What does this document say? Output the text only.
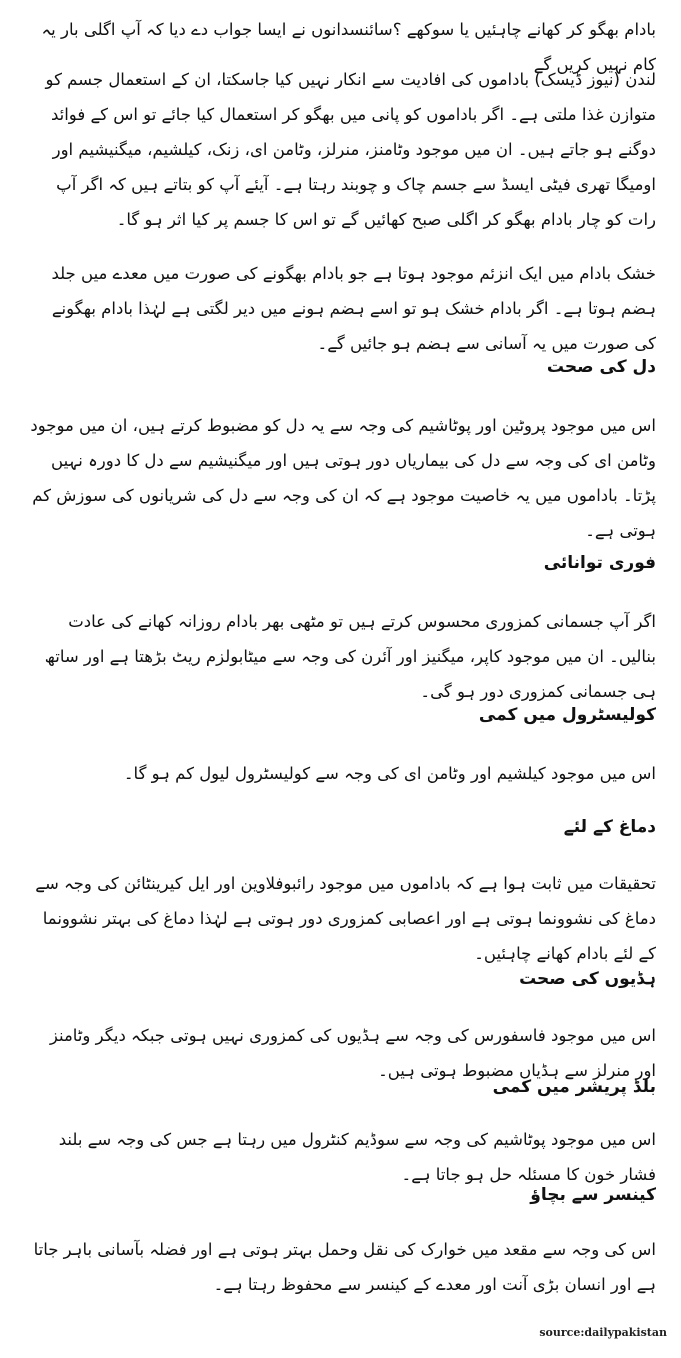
بادام بھگو کر کھانے چاہئیں یا سوکھے ؟سائنسدانوں نے ایسا جواب دے دیا کہ آپ اگلی بار یہ کام نہیں کریں گے
لندن (نیوز ڈیسک) باداموں کی افادیت سے انکار نہیں کیا جاسکتا، ان کے استعمال جسم کو متوازن غذا ملتی ہے۔ اگر باداموں کو پانی میں بھگو کر استعمال کیا جائے تو اس کے فوائد دوگنے ہو جاتے ہیں۔ ان میں موجود وٹامنز، منرلز، وٹامن ای، زنک، کیلشیم، میگنیشیم اور اومیگا تھری فیٹی ایسڈ سے جسم چاک و چوبند رہتا ہے۔ آیئے آپ کو بتاتے ہیں کہ اگر آپ رات کو چار بادام بھگو کر اگلی صبح کھائیں گے تو اس کا جسم پر کیا اثر ہو گا۔
خشک بادام میں ایک انزئم موجود ہوتا ہے جو بادام بھگونے کی صورت میں معدے میں جلد ہضم ہوتا ہے۔ اگر بادام خشک ہو تو اسے ہضم ہونے میں دیر لگتی ہے لہٰذا بادام بھگونے کی صورت میں یہ آسانی سے ہضم ہو جائیں گے۔
دل کی صحت
اس میں موجود پروٹین اور پوٹاشیم کی وجہ سے یہ دل کو مضبوط کرتے ہیں، ان میں موجود وٹامن ای کی وجہ سے دل کی بیماریاں دور ہوتی ہیں اور میگنیشیم سے دل کا دورہ نہیں پڑتا۔ باداموں میں یہ خاصیت موجود ہے کہ ان کی وجہ سے دل کی شریانوں کی سوزش کم ہوتی ہے۔
فوری توانائی
اگر آپ جسمانی کمزوری محسوس کرتے ہیں تو مٹھی بھر بادام روزانہ کھانے کی عادت بنالیں۔ ان میں موجود کاپر، میگنیز اور آئرن کی وجہ سے میٹابولزم ریٹ بڑھتا ہے اور ساتھ ہی جسمانی کمزوری دور ہو گی۔
کولیسٹرول میں کمی
اس میں موجود کیلشیم اور وٹامن ای کی وجہ سے کولیسٹرول لیول کم ہو گا۔
دماغ کے لئے
تحقیقات میں ثابت ہوا ہے کہ باداموں میں موجود رائبوفلاوین اور ایل کیرینٹائن کی وجہ سے دماغ کی نشوونما ہوتی ہے اور اعصابی کمزوری دور ہوتی ہے لہٰذا دماغ کی بہتر نشوونما کے لئے بادام کھانے چاہئیں۔
ہڈیوں کی صحت
اس میں موجود فاسفورس کی وجہ سے ہڈیوں کی کمزوری نہیں ہوتی جبکہ دیگر وٹامنز اور منرلز سے ہڈیاں مضبوط ہوتی ہیں۔
بلڈ پریشر میں کمی
اس میں موجود پوٹاشیم کی وجہ سے سوڈیم کنٹرول میں رہتا ہے جس کی وجہ سے بلند فشار خون کا مسئلہ حل ہو جاتا ہے۔
کینسر سے بچاؤ
اس کی وجہ سے مقعد میں خوارک کی نقل وحمل بہتر ہوتی ہے اور فضلہ بآسانی باہر جاتا ہے اور انسان بڑی آنت اور معدے کے کینسر سے محفوظ رہتا ہے۔
source:dailypakistan
